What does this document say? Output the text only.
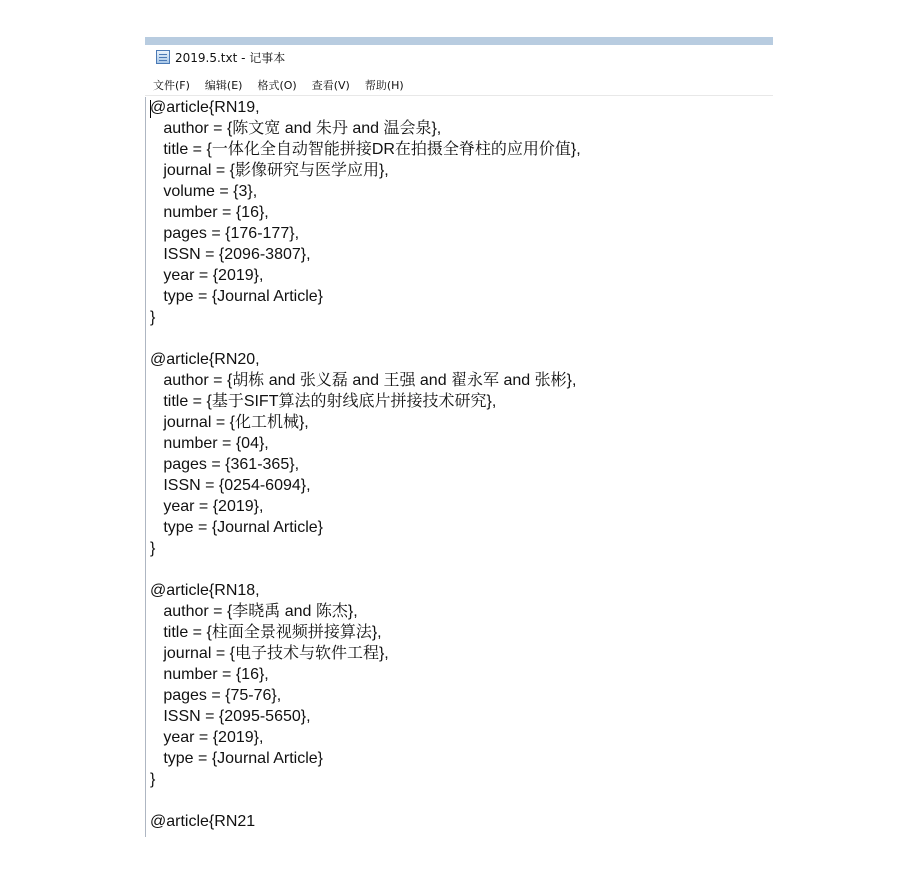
2019.5.txt - 记事本
文件(F) 编辑(E) 格式(O) 查看(V) 帮助(H)
@article{RN19,
author = {陈文宽 and 朱丹 and 温会泉},
title = {一体化全自动智能拼接DR在拍摄全脊柱的应用价值},
journal = {影像研究与医学应用},
volume = {3},
number = {16},
pages = {176-177},
ISSN = {2096-3807},
year = {2019},
type = {Journal Article}
}

@article{RN20,
author = {胡栋 and 张义磊 and 王强 and 翟永军 and 张彬},
title = {基于SIFT算法的射线底片拼接技术研究},
journal = {化工机械},
number = {04},
pages = {361-365},
ISSN = {0254-6094},
year = {2019},
type = {Journal Article}
}

@article{RN18,
author = {李晓禹 and 陈杰},
title = {柱面全景视频拼接算法},
journal = {电子技术与软件工程},
number = {16},
pages = {75-76},
ISSN = {2095-5650},
year = {2019},
type = {Journal Article}
}

@article{RN21
